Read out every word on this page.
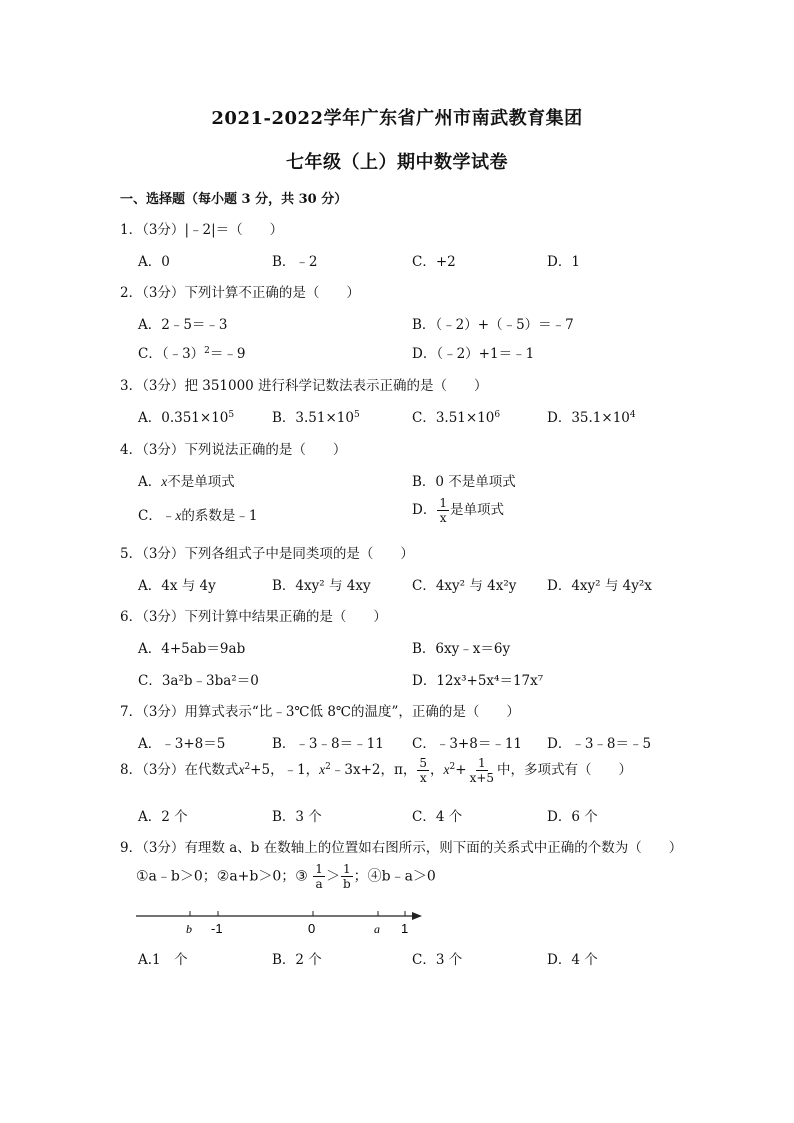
2021-2022学年广东省广州市南武教育集团
七年级（上）期中数学试卷
一、选择题（每小题 3 分，共 30 分）
1．（3分）|﹣2|＝（　　）
A．0	B．﹣2	C．+2	D．1
2．（3分）下列计算不正确的是（　　）
A．2﹣5＝﹣3	B．（﹣2）+（﹣5）＝﹣7
C．（﹣3）$^2$＝﹣9	D．（﹣2）+1＝﹣1
3．（3分）把 351000 进行科学记数法表示正确的是（　　）
A．$0.351\times 10^5$	B．$3.51\times 10^5$	C．$3.51\times 10^6$	D．$35.1\times 10^4$
4．（3分）下列说法正确的是（　　）
A．x不是单项式	B．0 不是单项式
C．﹣x的系数是﹣1	D． $\frac{1}{x}$ 是单项式
5．（3分）下列各组式子中是同类项的是（　　）
A．4x 与 4y	B．4xy² 与 4xy	C．4xy² 与 4x²y D．4xy² 与 4y²x
6．（3分）下列计算中结果正确的是（　　）
A．4+5ab＝9ab	B．6xy﹣x＝6y
C．3a²b﹣3ba²＝0	D．12x³+5x⁴＝17x⁷
7．（3分）用算式表示“比﹣3℃低 8℃的温度”，正确的是（　　）
A．﹣3+8＝5	B．﹣3﹣8＝﹣11 C．﹣3+8＝﹣11 D．﹣3﹣8＝﹣5
8．（3分）在代数式$x^2+5$，﹣1，$x^2﹣3x+2$，π， $\frac{5}{x}$ ，$x^2+ \frac{1}{x+5}$ 中，多项式有（　　）
A．2 个	B．3 个	C．4 个	D．6 个
9．（3分）有理数 a、b 在数轴上的位置如右图所示，则下面的关系式中正确的个数为（　　）
①a﹣b＞0；②a+b＞0；③ $\frac{1}{a} > \frac{1}{b}$ ；④b﹣a＞0
b -1	0	a 1
A.1　个	B．2 个	C．3 个	D．4 个
